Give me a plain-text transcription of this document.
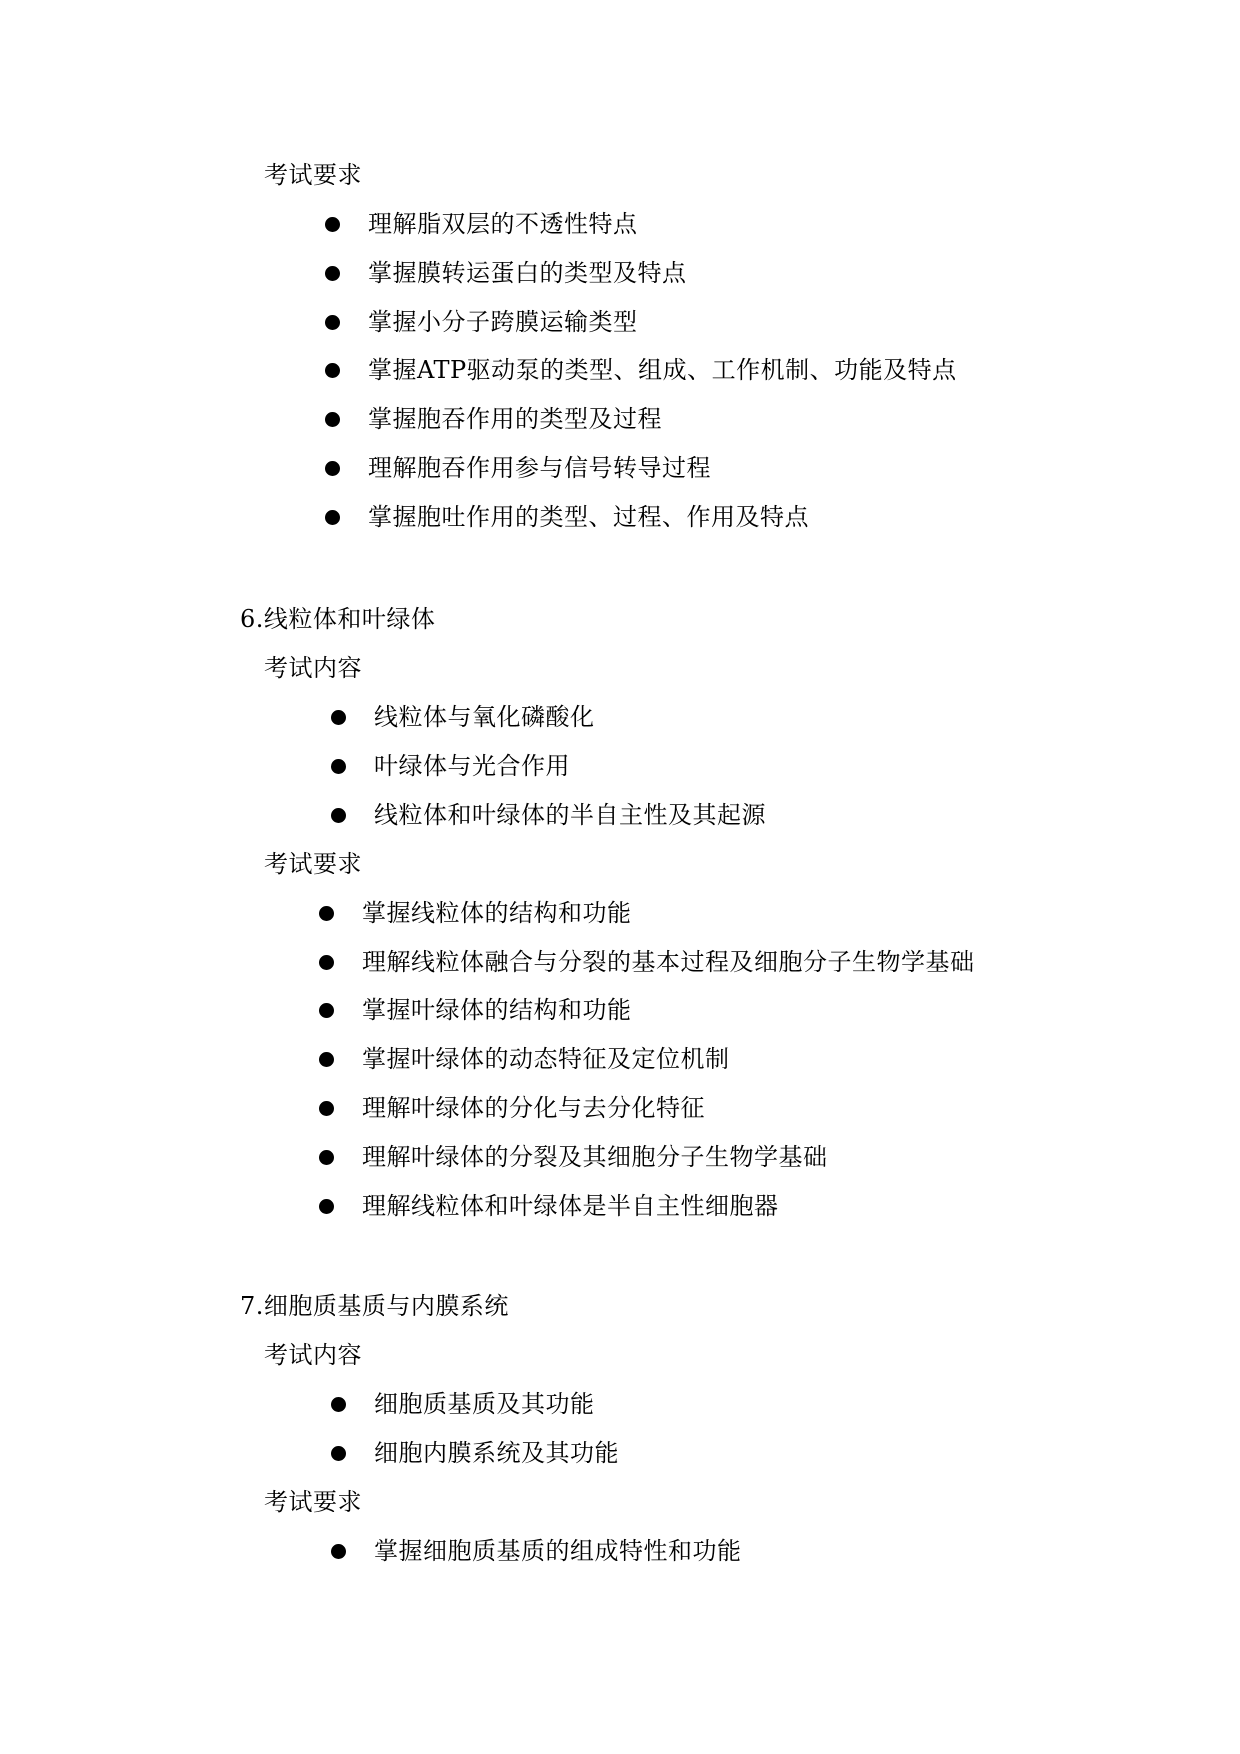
考试要求
理解脂双层的不透性特点
掌握膜转运蛋白的类型及特点
掌握小分子跨膜运输类型
掌握ATP驱动泵的类型、组成、工作机制、功能及特点
掌握胞吞作用的类型及过程
理解胞吞作用参与信号转导过程
掌握胞吐作用的类型、过程、作用及特点
6.线粒体和叶绿体
考试内容
线粒体与氧化磷酸化
叶绿体与光合作用
线粒体和叶绿体的半自主性及其起源
考试要求
掌握线粒体的结构和功能
理解线粒体融合与分裂的基本过程及细胞分子生物学基础
掌握叶绿体的结构和功能
掌握叶绿体的动态特征及定位机制
理解叶绿体的分化与去分化特征
理解叶绿体的分裂及其细胞分子生物学基础
理解线粒体和叶绿体是半自主性细胞器
7.细胞质基质与内膜系统
考试内容
细胞质基质及其功能
细胞内膜系统及其功能
考试要求
掌握细胞质基质的组成特性和功能
